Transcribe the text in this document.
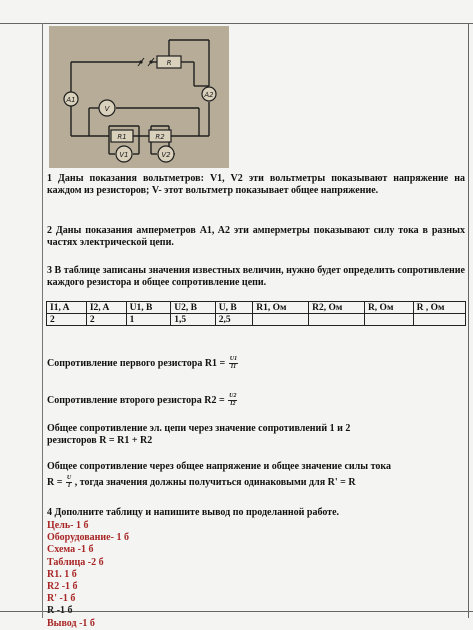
R
A1
A2
V
R1	R2
V1	V2

1 Даны показания вольтметров: V1, V2 эти вольтметры показывают напряжение на каждом из резисторов; V- этот вольтметр показывает общее напряжение.

2 Даны показания амперметров A1, A2 эти амперметры показывают силу тока в разных частях электрической цепи.

3 В таблице записаны значения известных величин, нужно будет определить сопротивление каждого резистора и общее сопротивление цепи.

I1, A	I2, A	U1, B	U2, B	U, B	R1, Ом	R2, Ом	R, Ом	R , Ом
2	2	1	1,5	2,5				
Сопротивление первого резистора $R1 = \frac{U1}{I1}$
Сопротивление второго резистора $R2 = \frac{U2}{I2}$
Общее сопротивление эл. цепи через значение сопротивлений 1 и 2
резисторов R = R1 + R2
Общее сопротивление через общее напряжение и общее значение силы тока
$R = \frac{U}{I}$ , тогда значения должны получиться одинаковыми для R' = R

4 Дополните таблицу и напишите вывод по проделанной работе.

Цель- 1 б
Оборудование- 1 б
Схема -1 б
Таблица -2 б
R1. 1 б
R2 -1 б
R' -1 б
R -1 б
Вывод -1 б
